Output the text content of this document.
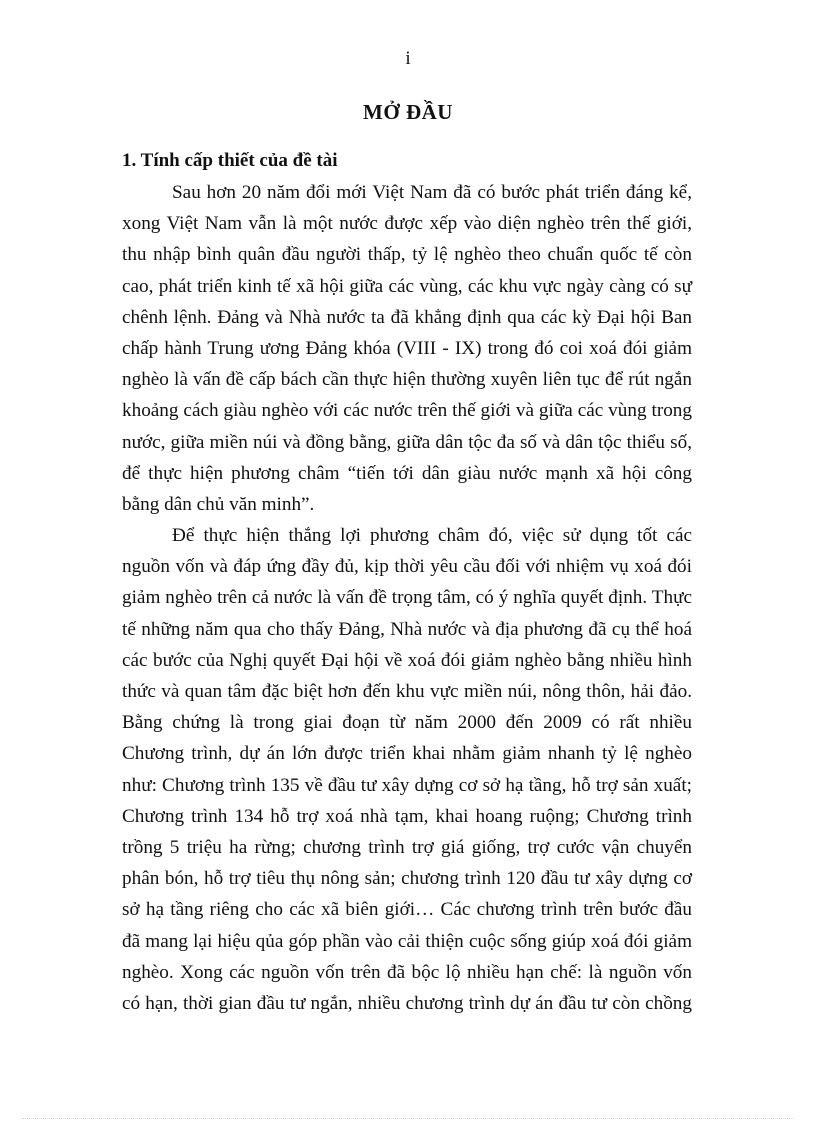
i
MỞ ĐẦU
1. Tính cấp thiết của đề tài
Sau hơn 20 năm đổi mới Việt Nam đã có bước phát triển đáng kể,
xong Việt Nam vẫn là một nước được xếp vào diện nghèo trên thế giới,
thu nhập bình quân đầu người thấp, tỷ lệ nghèo theo chuẩn quốc tế còn
cao, phát triển kinh tế xã hội giữa các vùng, các khu vực ngày càng có sự
chênh lệnh. Đảng và Nhà nước ta đã khẳng định qua các kỳ Đại hội Ban
chấp hành Trung ương Đảng khóa (VIII - IX) trong đó coi xoá đói giảm
nghèo là vấn đề cấp bách cần thực hiện thường xuyên liên tục để rút ngắn
khoảng cách giàu nghèo với các nước trên thế giới và giữa các vùng trong
nước, giữa miền núi và đồng bằng, giữa dân tộc đa số và dân tộc thiểu số,
để thực hiện phương châm “tiến tới dân giàu nước mạnh xã hội công
bằng dân chủ văn minh”.
Để thực hiện thắng lợi phương châm đó, việc sử dụng tốt các
nguồn vốn và đáp ứng đầy đủ, kịp thời yêu cầu đối với nhiệm vụ xoá đói
giảm nghèo trên cả nước là vấn đề trọng tâm, có ý nghĩa quyết định. Thực
tế những năm qua cho thấy Đảng, Nhà nước và địa phương đã cụ thể hoá
các bước của Nghị quyết Đại hội về xoá đói giảm nghèo bằng nhiều hình
thức và quan tâm đặc biệt hơn đến khu vực miền núi, nông thôn, hải đảo.
Bằng chứng là trong giai đoạn từ năm 2000 đến 2009 có rất nhiều
Chương trình, dự án lớn được triển khai nhằm giảm nhanh tỷ lệ nghèo
như: Chương trình 135 về đầu tư xây dựng cơ sở hạ tầng, hỗ trợ sản xuất;
Chương trình 134 hỗ trợ xoá nhà tạm, khai hoang ruộng; Chương trình
trồng 5 triệu ha rừng; chương trình trợ giá giống, trợ cước vận chuyển
phân bón, hỗ trợ tiêu thụ nông sản; chương trình 120 đầu tư xây dựng cơ
sở hạ tầng riêng cho các xã biên giới… Các chương trình trên bước đầu
đã mang lại hiệu qủa góp phần vào cải thiện cuộc sống giúp xoá đói giảm
nghèo. Xong các nguồn vốn trên đã bộc lộ nhiều hạn chế: là nguồn vốn
có hạn, thời gian đầu tư ngắn, nhiều chương trình dự án đầu tư còn chồng
